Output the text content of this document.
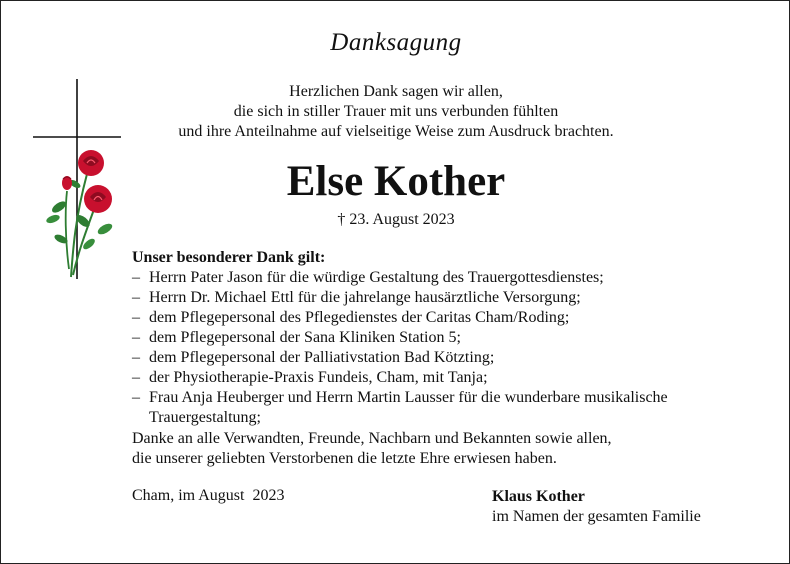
Danksagung
Herzlichen Dank sagen wir allen,
die sich in stiller Trauer mit uns verbunden fühlten
und ihre Anteilnahme auf vielseitige Weise zum Ausdruck brachten.
Else Kother
† 23. August 2023
Unser besonderer Dank gilt:
– Herrn Pater Jason für die würdige Gestaltung des Trauergottesdienstes;
– Herrn Dr. Michael Ettl für die jahrelange hausärztliche Versorgung;
– dem Pflegepersonal des Pflegedienstes der Caritas Cham/Roding;
– dem Pflegepersonal der Sana Kliniken Station 5;
– dem Pflegepersonal der Palliativstation Bad Kötzting;
– der Physiotherapie-Praxis Fundeis, Cham, mit Tanja;
– Frau Anja Heuberger und Herrn Martin Lausser für die wunderbare musikalische Trauergestaltung;
Danke an alle Verwandten, Freunde, Nachbarn und Bekannten sowie allen,
die unserer geliebten Verstorbenen die letzte Ehre erwiesen haben.
Cham, im August  2023	Klaus Kother
im Namen der gesamten Familie
